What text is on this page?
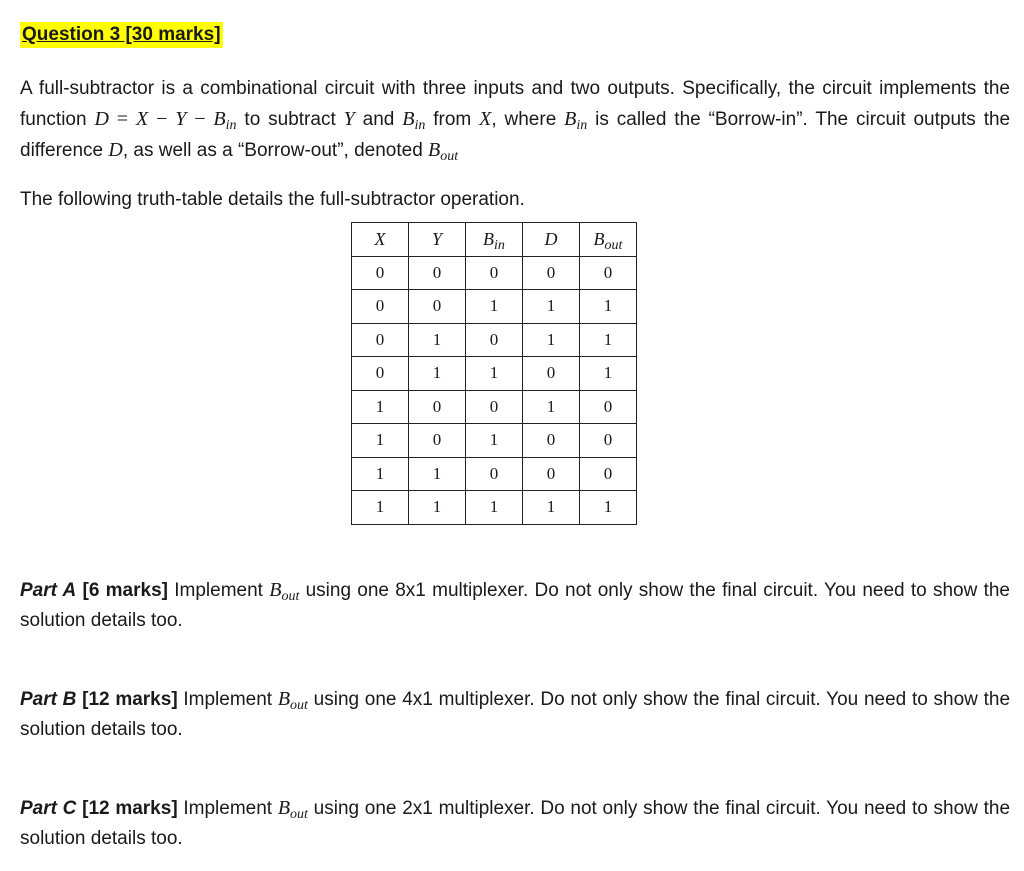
Question 3 [30 marks]

A full-subtractor is a combinational circuit with three inputs and two outputs. Specifically, the circuit implements the function $D = X - Y - B_{in}$ to subtract Y and $B_{in}$ from X, where $B_{in}$ is called the “Borrow-in”. The circuit outputs the difference D, as well as a “Borrow-out”, denoted $B_{out}$

The following truth-table details the full-subtractor operation.

X	Y	$B_{in}$	D	$B_{out}$
0	0	0	0	0
0	0	1	1	1
0	1	0	1	1
0	1	1	0	1
1	0	0	1	0
1	0	1	0	0
1	1	0	0	0
1	1	1	1	1

Part A [6 marks] Implement $B_{out}$ using one 8x1 multiplexer. Do not only show the final circuit. You need to show the solution details too.

Part B [12 marks] Implement $B_{out}$ using one 4x1 multiplexer. Do not only show the final circuit. You need to show the solution details too.

Part C [12 marks] Implement $B_{out}$ using one 2x1 multiplexer. Do not only show the final circuit. You need to show the solution details too.
